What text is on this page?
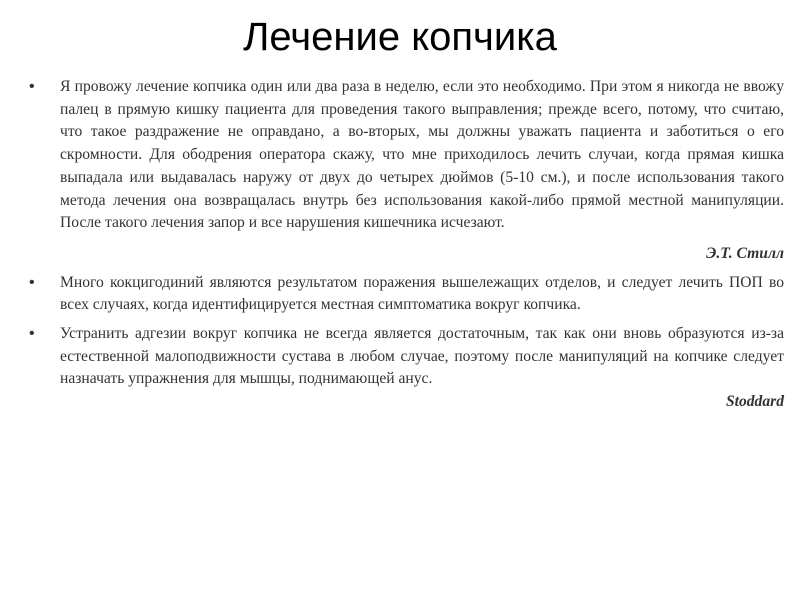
Лечение копчика

• Я провожу лечение копчика один или два раза в неделю, если это необходимо. При этом я никогда не ввожу палец в прямую кишку пациента для проведения такого выправления; прежде всего, потому, что считаю, что такое раздражение не оправдано, а во-вторых, мы должны уважать пациента и заботиться о его скромности. Для ободрения оператора скажу, что мне приходилось лечить случаи, когда прямая кишка выпадала или выдавалась наружу от двух до четырех дюймов (5-10 см.), и после использования такого метода лечения она возвращалась внутрь без использования какой-либо прямой местной манипуляции. После такого лечения запор и все нарушения кишечника исчезают.

Э.Т. Стилл

• Много кокцигодиний являются результатом поражения вышележащих отделов, и следует лечить ПОП во всех случаях, когда идентифицируется местная симптоматика вокруг копчика.

• Устранить адгезии вокруг копчика не всегда является достаточным, так как они вновь образуются из-за естественной малоподвижности сустава в любом случае, поэтому после манипуляций на копчике следует назначать упражнения для мышцы, поднимающей анус.

Stoddard
